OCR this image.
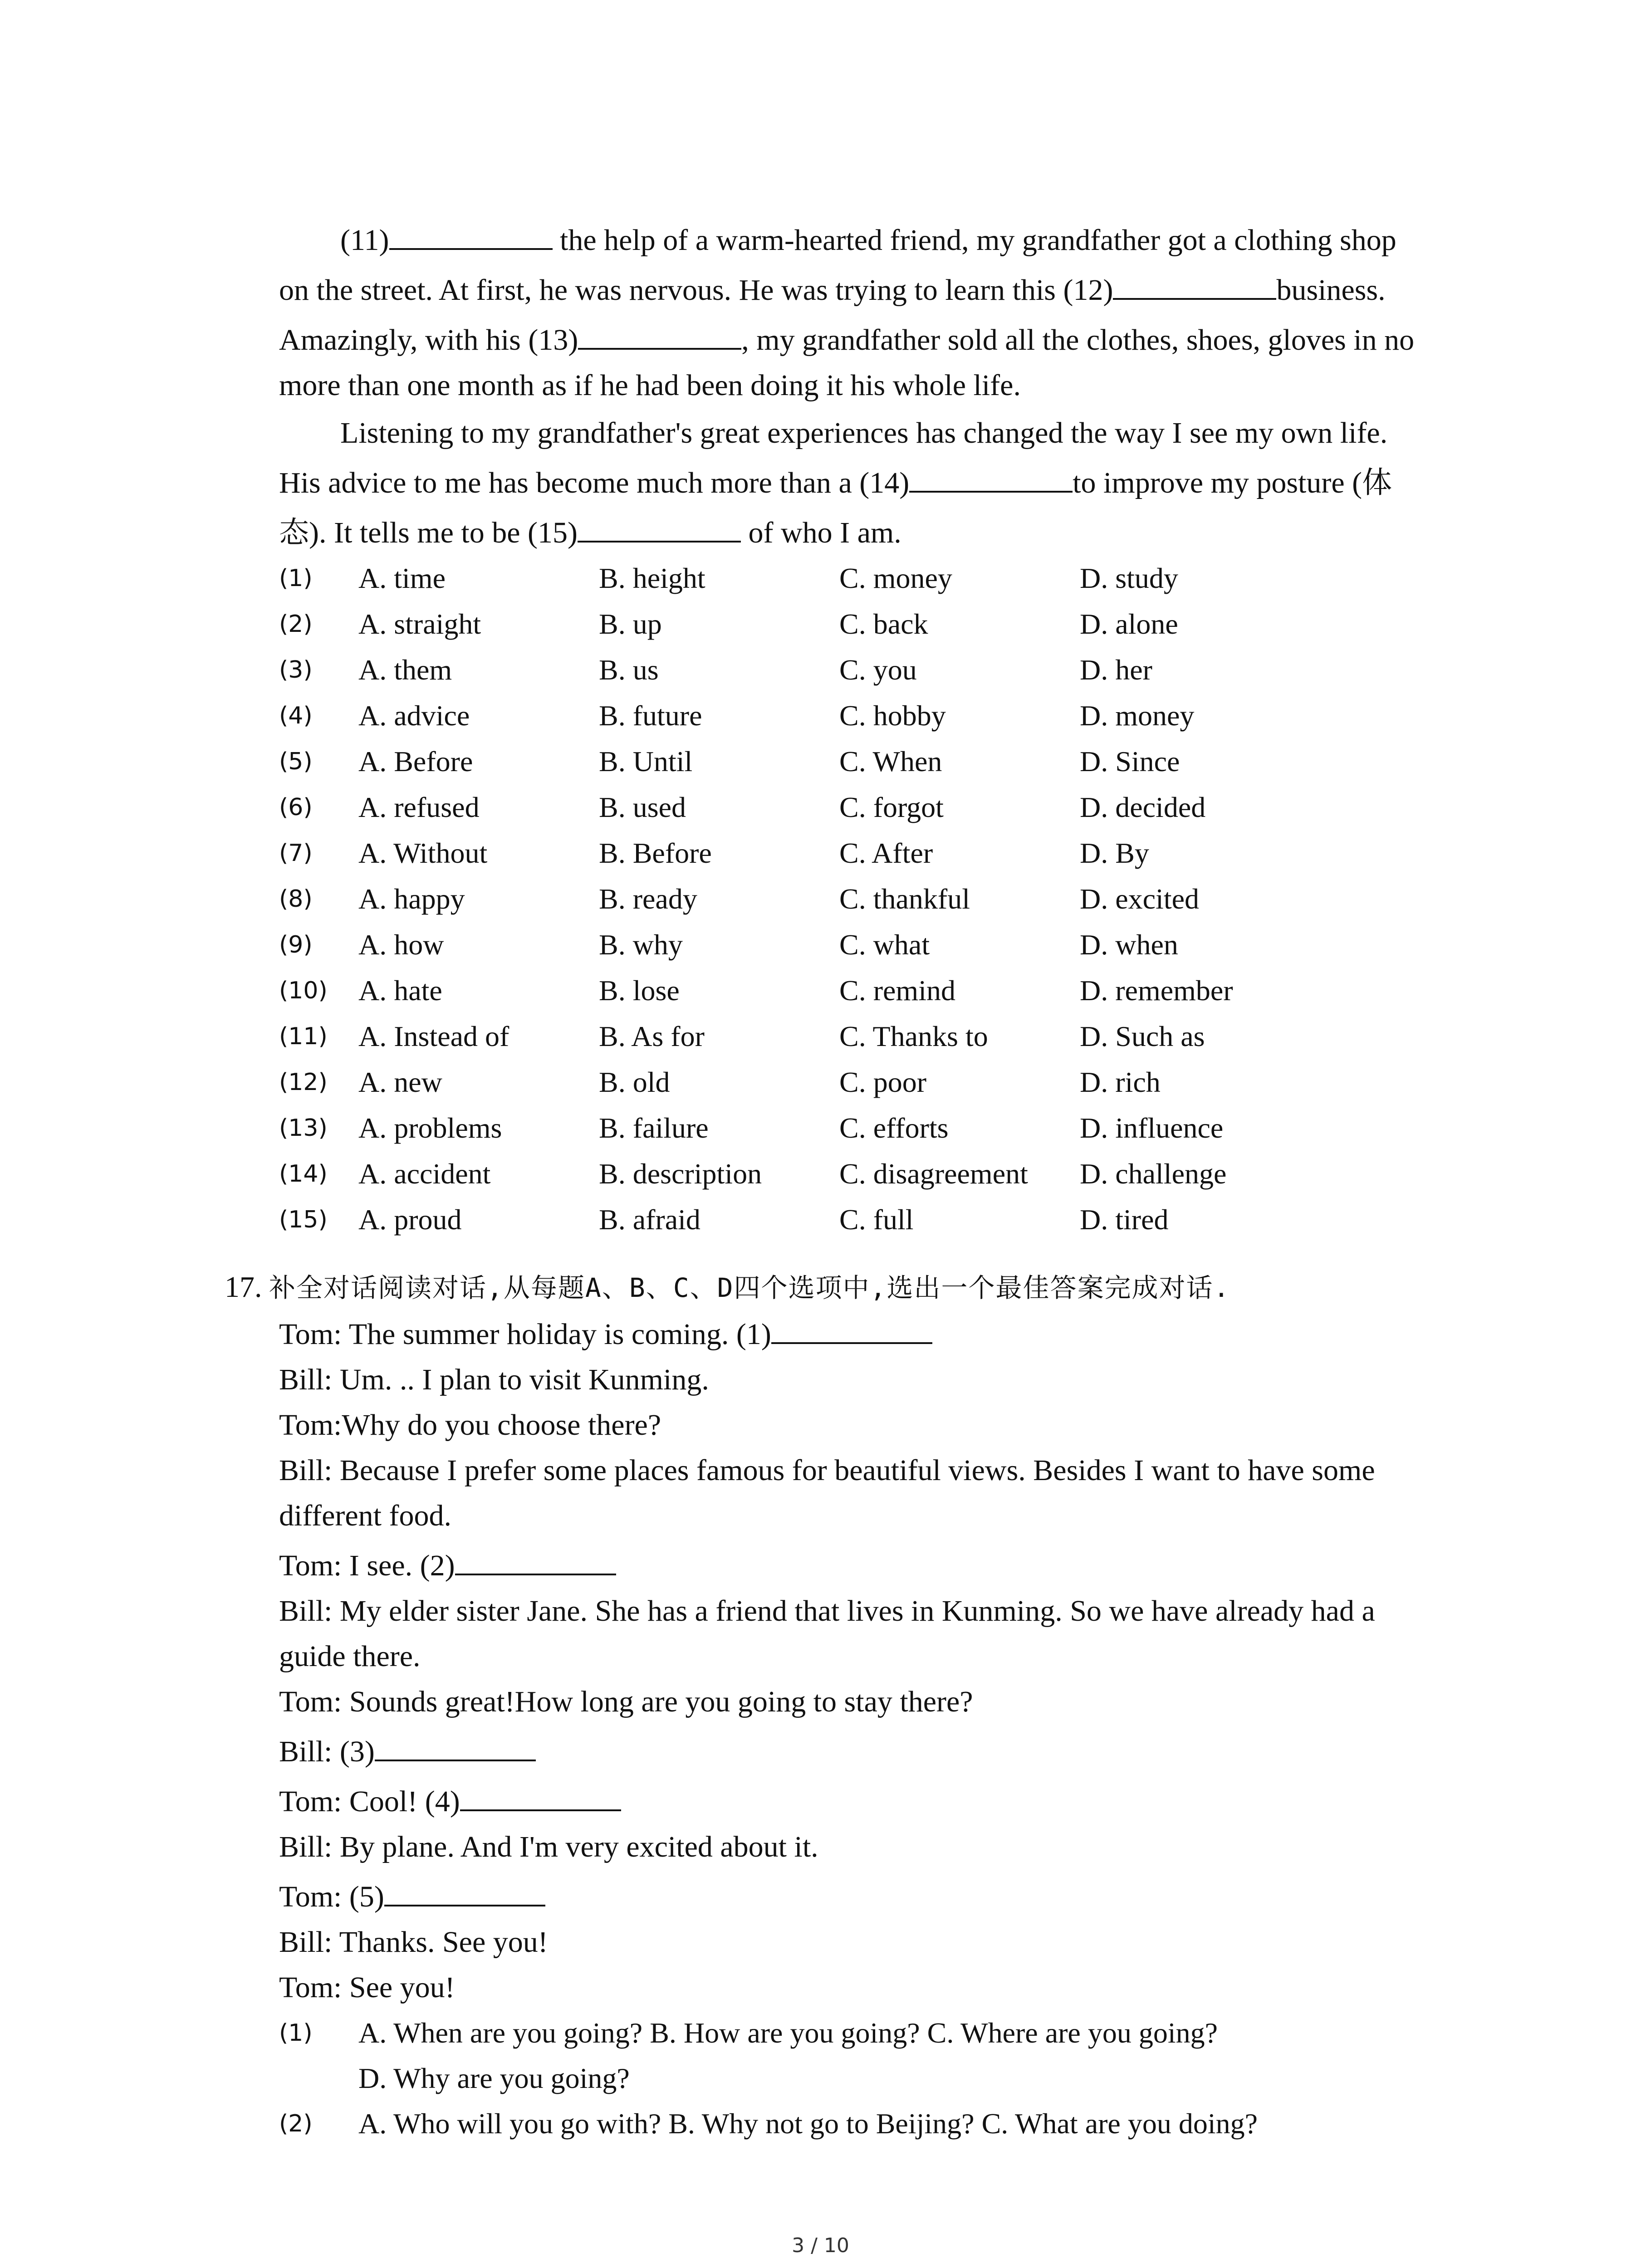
(11)	the help of a warm-hearted friend, my grandfather got a clothing shop

on the street. At first, he was nervous. He was trying to learn this (12)	business.

Amazingly, with his (13)	, my grandfather sold all the clothes, shoes, gloves in no

more than one month as if he had been doing it his whole life.

Listening to my grandfather's great experiences has changed the way I see my own life.

His advice to me has become much more than a (14)	to improve my posture (体

态). It tells me to be (15)	of who I am.

(1)	A. time	B. height	C. money	D. study
(2)	A. straight	B. up	C. back	D. alone
(3)	A. them	B. us	C. you	D. her
(4)	A. advice	B. future	C. hobby	D. money
(5)	A. Before	B. Until	C. When	D. Since
(6)	A. refused	B. used	C. forgot	D. decided
(7)	A. Without	B. Before	C. After	D. By
(8)	A. happy	B. ready	C. thankful	D. excited
(9)	A. how	B. why	C. what	D. when
(10)	A. hate	B. lose	C. remind	D. remember
(11)	A. Instead of	B. As for	C. Thanks to	D. Such as
(12)	A. new	B. old	C. poor	D. rich
(13)	A. problems	B. failure	C. efforts	D. influence
(14)	A. accident	B. description	C. disagreement D. challenge
(15)	A. proud	B. afraid	C. full	D. tired
17. 补全对话阅读对话,从每题A、B、C、D四个选项中,选出一个最佳答案完成对话.

Tom: The summer holiday is coming. (1)

Bill: Um. .. I plan to visit Kunming.

Tom:Why do you choose there?

Bill: Because I prefer some places famous for beautiful views. Besides I want to have some

different food.

Tom: I see. (2)

Bill: My elder sister Jane. She has a friend that lives in Kunming. So we have already had a

guide there.

Tom: Sounds great!How long are you going to stay there?

Bill: (3)

Tom: Cool! (4)

Bill: By plane. And I'm very excited about it.

Tom: (5)

Bill: Thanks. See you!

Tom: See you!

(1)	A. When are you going? B. How are you going? C. Where are you going?
D. Why are you going?
(2)	A. Who will you go with? B. Why not go to Beijing? C. What are you doing?
3 / 10
